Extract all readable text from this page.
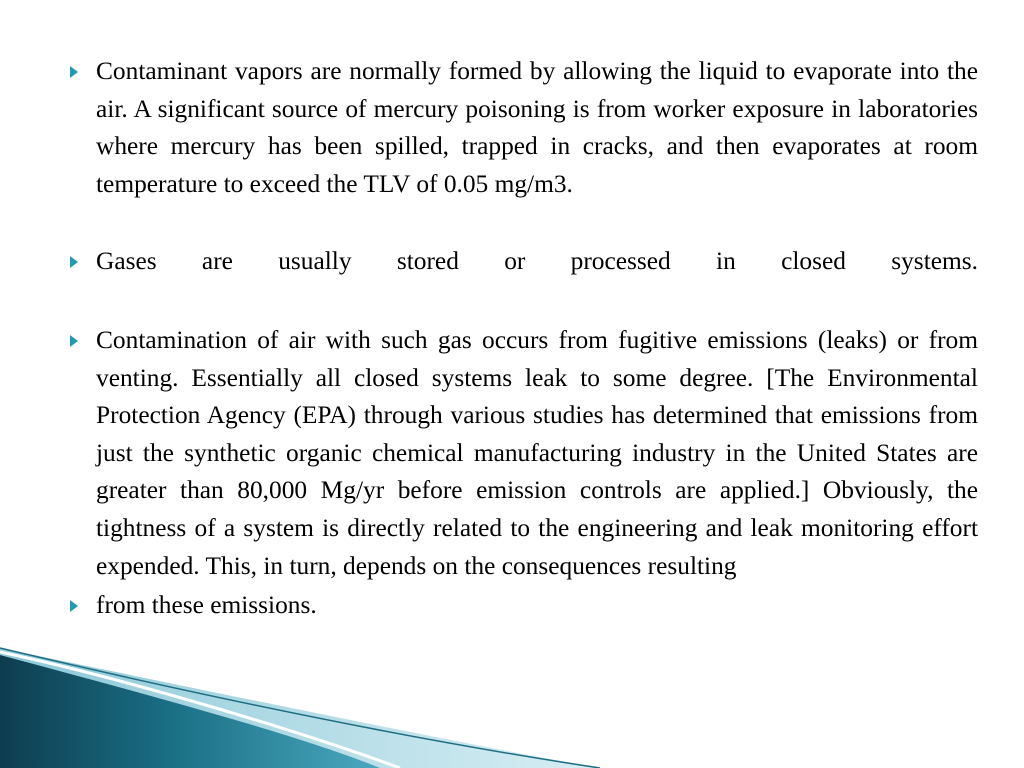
Contaminant vapors are normally formed by allowing the liquid to evaporate into the air. A significant source of mercury poisoning is from worker exposure in laboratories where mercury has been spilled, trapped in cracks, and then evaporates at room temperature to exceed the TLV of 0.05 mg/m3.
Gases are usually stored or processed in closed systems.
Contamination of air with such gas occurs from fugitive emissions (leaks) or from venting. Essentially all closed systems leak to some degree. [The Environmental Protection Agency (EPA) through various studies has determined that emissions from just the synthetic organic chemical manufacturing industry in the United States are greater than 80,000 Mg/yr before emission controls are applied.] Obviously, the tightness of a system is directly related to the engineering and leak monitoring effort expended. This, in turn, depends on the consequences resulting
from these emissions.
